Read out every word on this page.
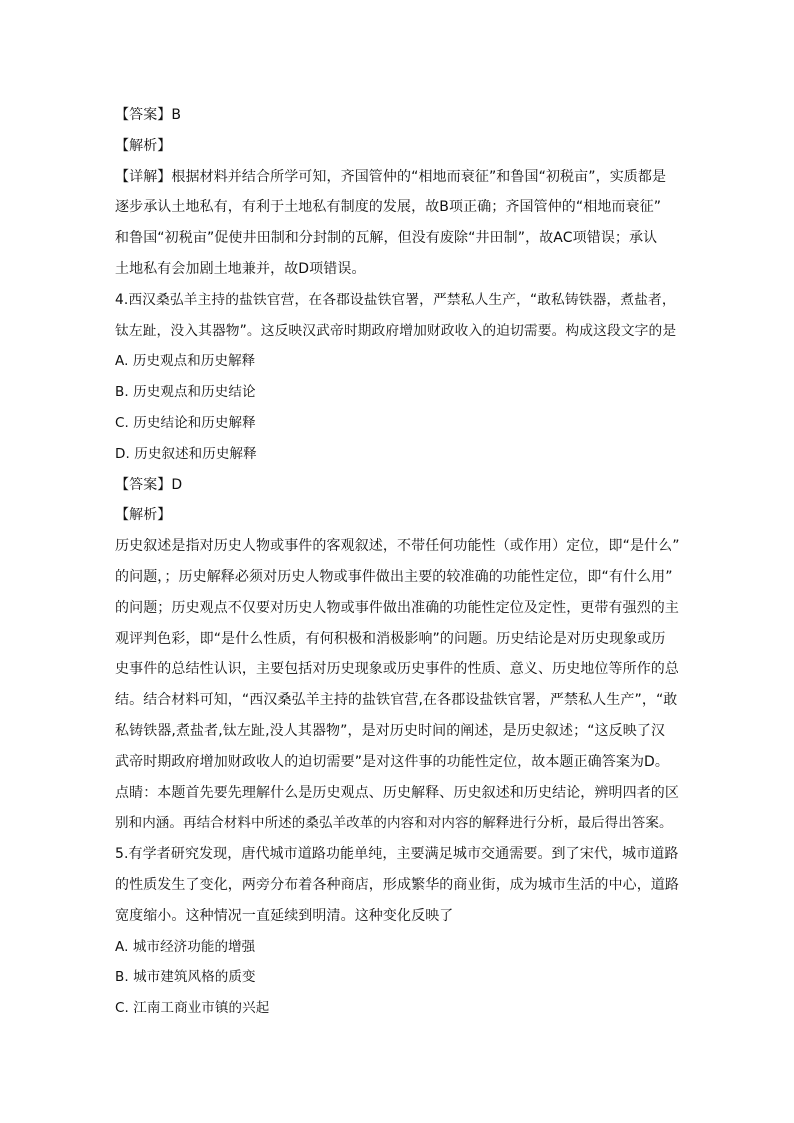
【答案】B
【解析】
【详解】根据材料并结合所学可知，齐国管仲的“相地而衰征”和鲁国“初税亩”，实质都是
逐步承认土地私有，有利于土地私有制度的发展，故B项正确；齐国管仲的“相地而衰征”
和鲁国“初税亩”促使井田制和分封制的瓦解，但没有废除“井田制”，故AC项错误；承认
土地私有会加剧土地兼并，故D项错误。
4.西汉桑弘羊主持的盐铁官营，在各郡设盐铁官署，严禁私人生产，“敢私铸铁器，煮盐者，
钛左趾，没入其器物”。这反映汉武帝时期政府增加财政收入的迫切需要。构成这段文字的是
A. 历史观点和历史解释
B. 历史观点和历史结论
C. 历史结论和历史解释
D. 历史叙述和历史解释
【答案】D
【解析】
历史叙述是指对历史人物或事件的客观叙述，不带任何功能性（或作用）定位，即“是什么”
的问题，；历史解释必须对历史人物或事件做出主要的较准确的功能性定位，即“有什么用”
的问题；历史观点不仅要对历史人物或事件做出准确的功能性定位及定性，更带有强烈的主
观评判色彩，即“是什么性质，有何积极和消极影响”的问题。历史结论是对历史现象或历
史事件的总结性认识，主要包括对历史现象或历史事件的性质、意义、历史地位等所作的总
结。结合材料可知，“西汉桑弘羊主持的盐铁官营,在各郡设盐铁官署，严禁私人生产”，“敢
私铸铁器,煮盐者,钛左趾,没人其器物”，是对历史时间的阐述，是历史叙述；“这反映了汉
武帝时期政府增加财政收人的迫切需要”是对这件事的功能性定位，故本题正确答案为D。
点睛：本题首先要先理解什么是历史观点、历史解释、历史叙述和历史结论，辨明四者的区
别和内涵。再结合材料中所述的桑弘羊改革的内容和对内容的解释进行分析，最后得出答案。
5.有学者研究发现，唐代城市道路功能单纯，主要满足城市交通需要。到了宋代，城市道路
的性质发生了变化，两旁分布着各种商店，形成繁华的商业街，成为城市生活的中心，道路
宽度缩小。这种情况一直延续到明清。这种变化反映了
A. 城市经济功能的增强
B. 城市建筑风格的质变
C. 江南工商业市镇的兴起
